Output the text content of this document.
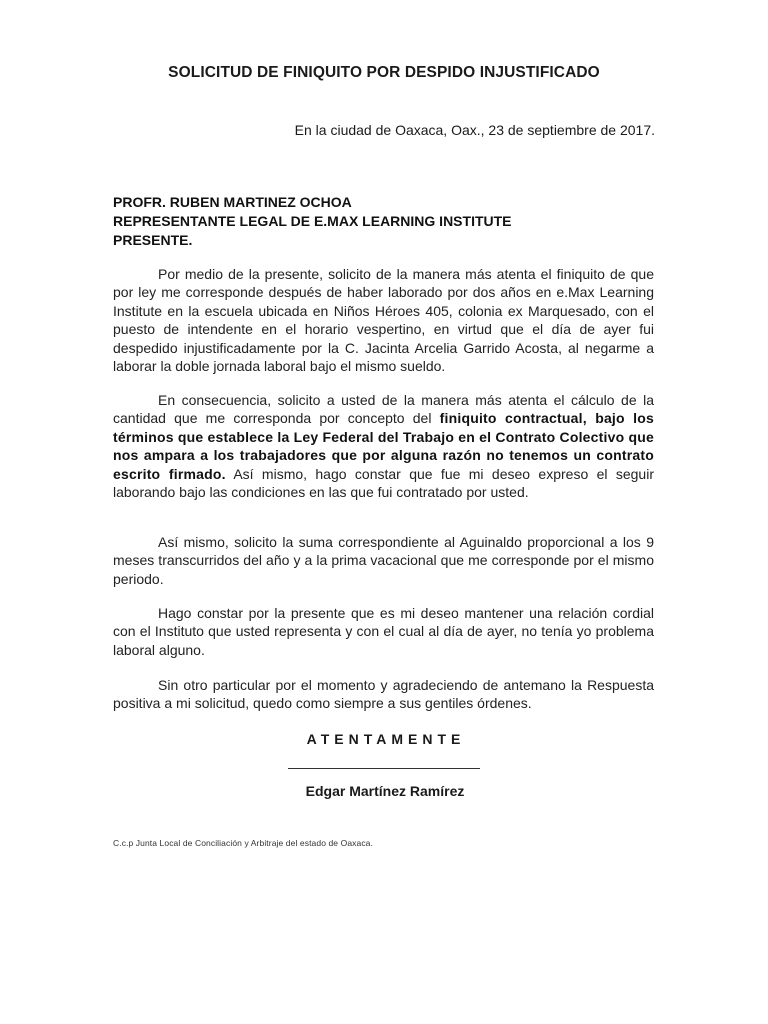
SOLICITUD DE FINIQUITO POR DESPIDO INJUSTIFICADO
En la ciudad de Oaxaca, Oax., 23 de septiembre de 2017.
PROFR. RUBEN MARTINEZ OCHOA
REPRESENTANTE LEGAL DE E.MAX LEARNING INSTITUTE
PRESENTE.
Por medio de la presente, solicito de la manera más atenta el finiquito de que por ley me corresponde después de haber laborado por dos años en e.Max Learning Institute en la escuela ubicada en Niños Héroes 405, colonia ex Marquesado, con el puesto de intendente en el horario vespertino, en virtud que el día de ayer fui despedido injustificadamente por la C. Jacinta Arcelia Garrido Acosta, al negarme a laborar la doble jornada laboral bajo el mismo sueldo.
En consecuencia, solicito a usted de la manera más atenta el cálculo de la cantidad que me corresponda por concepto del finiquito contractual, bajo los términos que establece la Ley Federal del Trabajo en el Contrato Colectivo que nos ampara a los trabajadores que por alguna razón no tenemos un contrato escrito firmado. Así mismo, hago constar que fue mi deseo expreso el seguir laborando bajo las condiciones en las que fui contratado por usted.
Así mismo, solicito la suma correspondiente al Aguinaldo proporcional a los 9 meses transcurridos del año y a la prima vacacional que me corresponde por el mismo periodo.
Hago constar por la presente que es mi deseo mantener una relación cordial con el Instituto que usted representa y con el cual al día de ayer, no tenía yo problema laboral alguno.
Sin otro particular por el momento y agradeciendo de antemano la Respuesta positiva a mi solicitud, quedo como siempre a sus gentiles órdenes.
ATENTAMENTE
Edgar Martínez Ramírez
C.c.p Junta Local de Conciliación y Arbitraje del estado de Oaxaca.
